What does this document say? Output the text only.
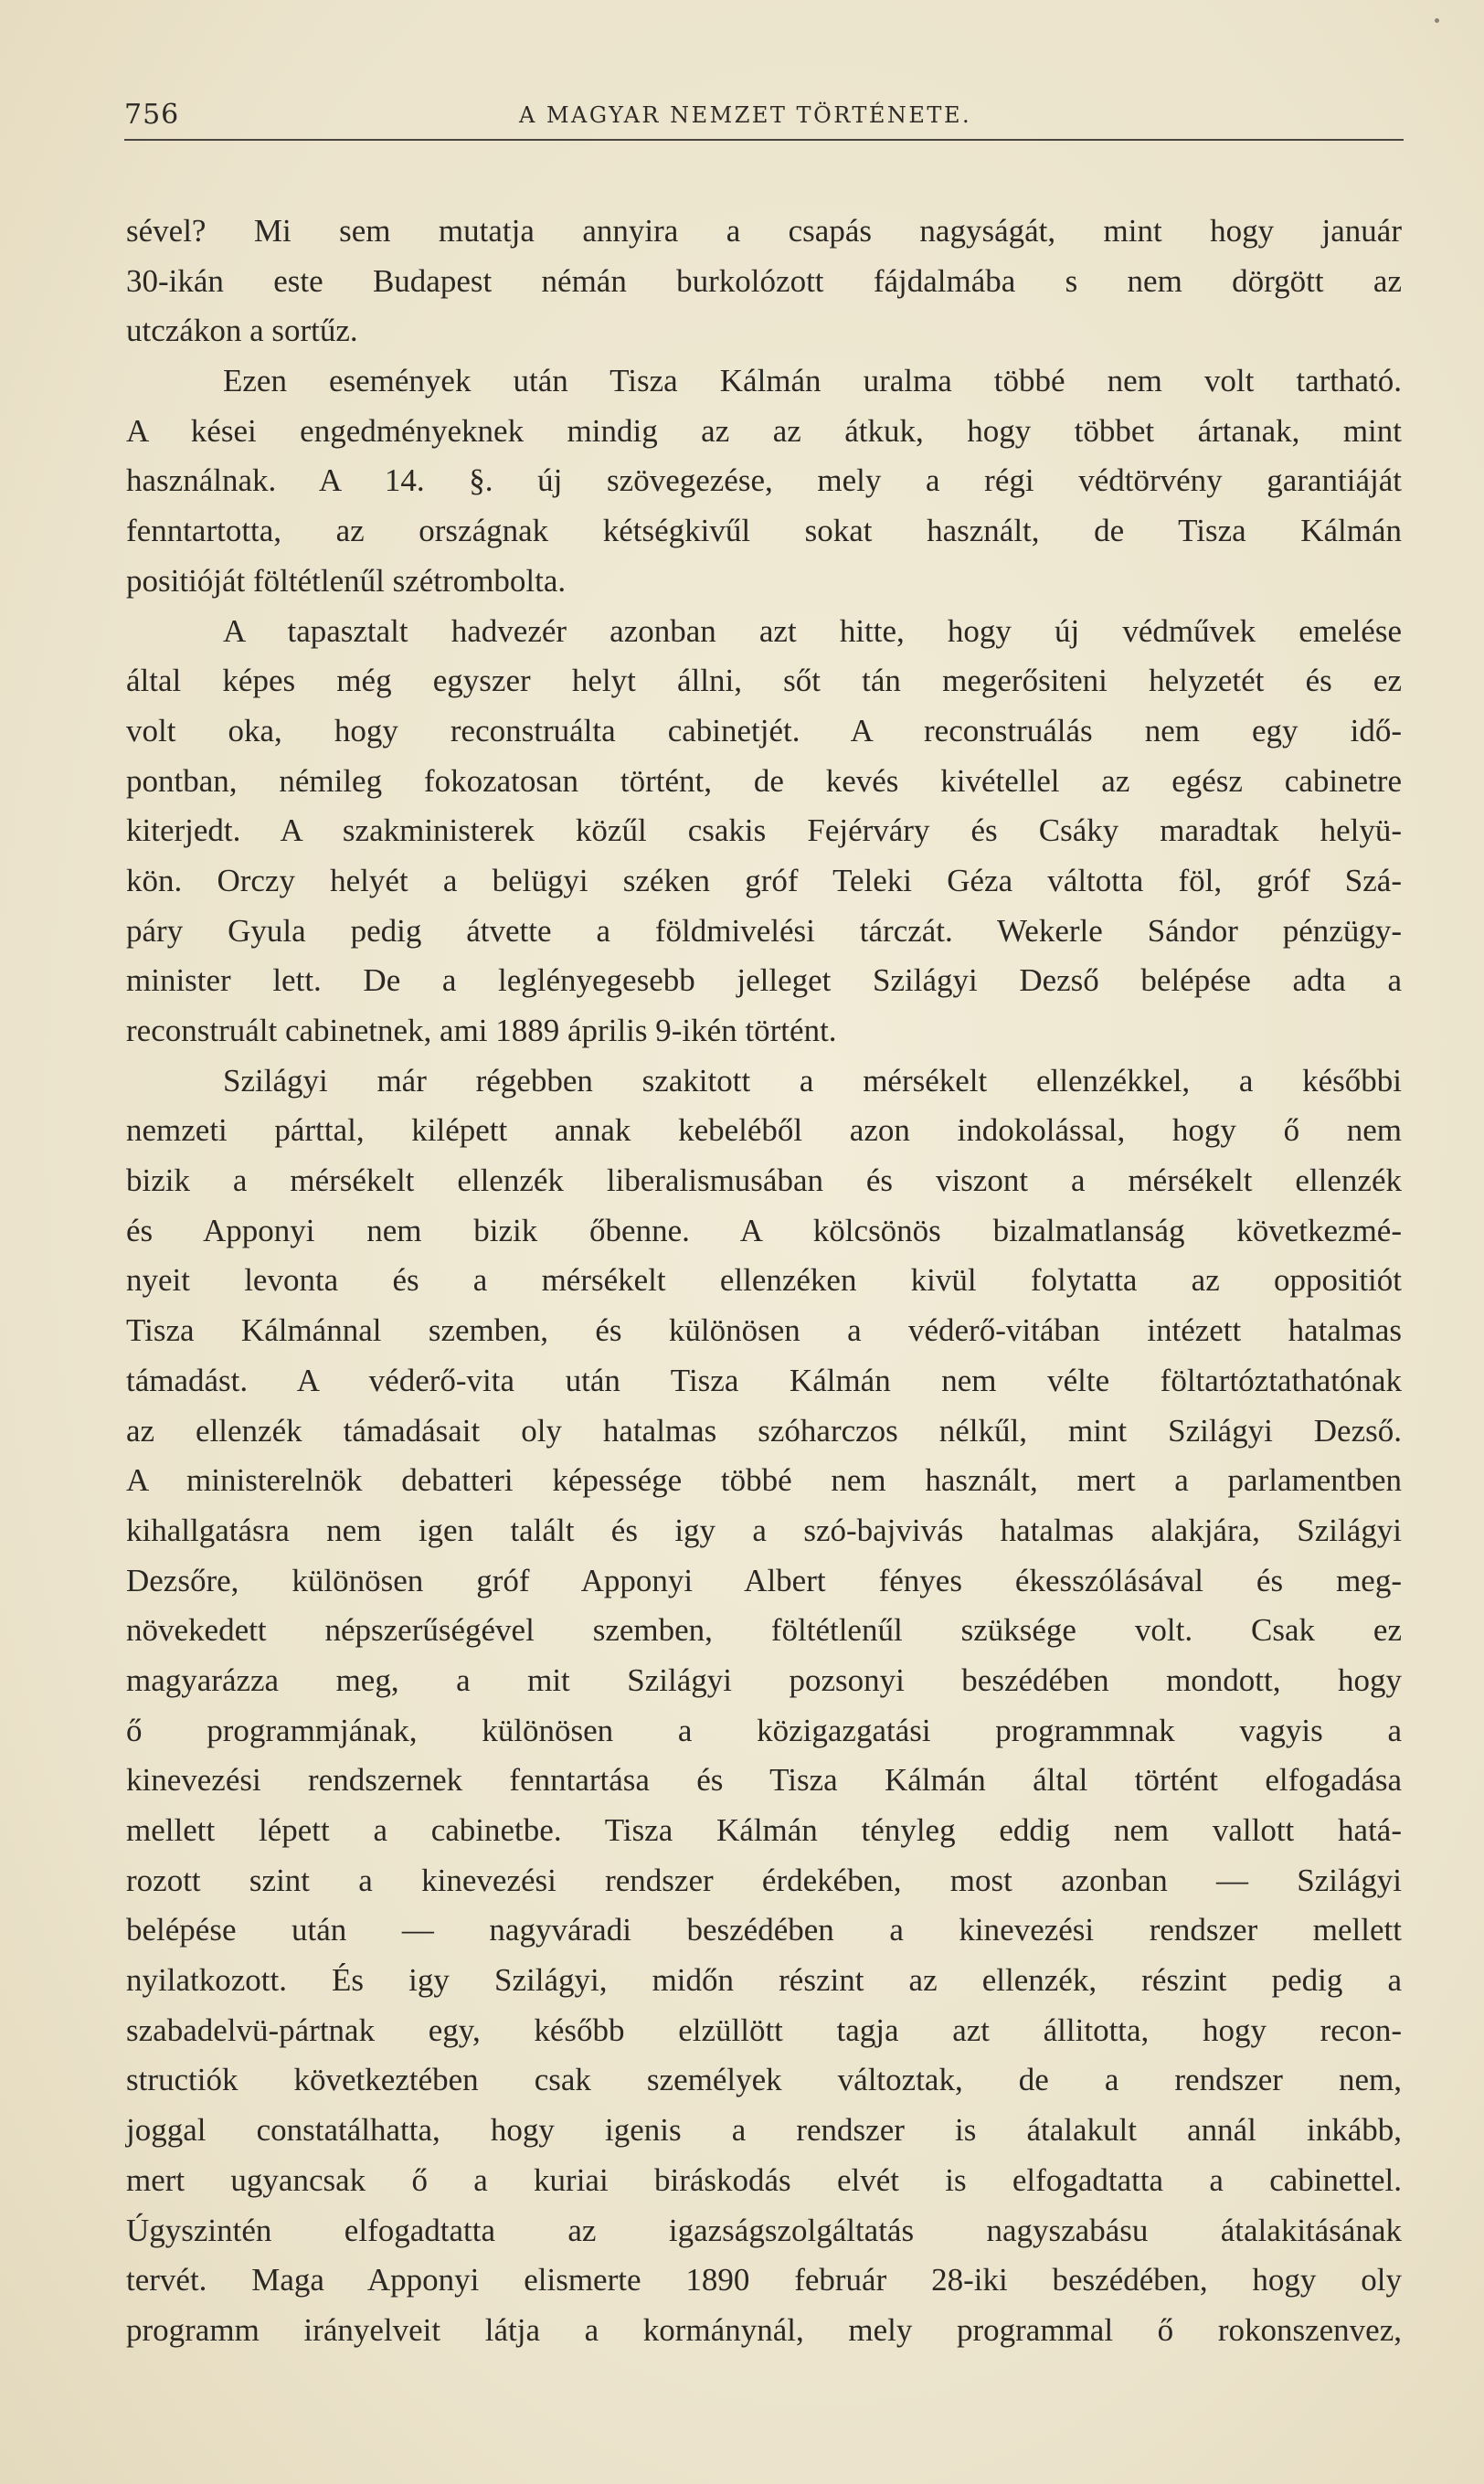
756	A MAGYAR NEMZET TÖRTÉNETE.
sével? Mi sem mutatja annyira a csapás nagyságát, mint hogy január
30-ikán este Budapest némán burkolózott fájdalmába s nem dörgött az
utczákon a sortűz.
Ezen események után Tisza Kálmán uralma többé nem volt tartható.
A kései engedményeknek mindig az az átkuk, hogy többet ártanak, mint
használnak. A 14. §. új szövegezése, mely a régi védtörvény garantiáját
fenntartotta, az országnak kétségkivűl sokat használt, de Tisza Kálmán
positióját föltétlenűl szétrombolta.
A tapasztalt hadvezér azonban azt hitte, hogy új védművek emelése
által képes még egyszer helyt állni, sőt tán megerősiteni helyzetét és ez
volt oka, hogy reconstruálta cabinetjét. A reconstruálás nem egy idő-
pontban, némileg fokozatosan történt, de kevés kivétellel az egész cabinetre
kiterjedt. A szakministerek közűl csakis Fejérváry és Csáky maradtak helyü-
kön. Orczy helyét a belügyi széken gróf Teleki Géza váltotta föl, gróf Szá-
páry Gyula pedig átvette a földmivelési tárczát. Wekerle Sándor pénzügy-
minister lett. De a leglényegesebb jelleget Szilágyi Dezső belépése adta a
reconstruált cabinetnek, ami 1889 április 9-ikén történt.
Szilágyi már régebben szakitott a mérsékelt ellenzékkel, a későbbi
nemzeti párttal, kilépett annak kebeléből azon indokolással, hogy ő nem
bizik a mérsékelt ellenzék liberalismusában és viszont a mérsékelt ellenzék
és Apponyi nem bizik őbenne. A kölcsönös bizalmatlanság következmé-
nyeit levonta és a mérsékelt ellenzéken kivül folytatta az oppositiót
Tisza Kálmánnal szemben, és különösen a véderő-vitában intézett hatalmas
támadást. A véderő-vita után Tisza Kálmán nem vélte föltartóztathatónak
az ellenzék támadásait oly hatalmas szóharczos nélkűl, mint Szilágyi Dezső.
A ministerelnök debatteri képessége többé nem használt, mert a parlamentben
kihallgatásra nem igen talált és igy a szó-bajvivás hatalmas alakjára, Szilágyi
Dezsőre, különösen gróf Apponyi Albert fényes ékesszólásával és meg-
növekedett népszerűségével szemben, föltétlenűl szüksége volt. Csak ez
magyarázza meg, a mit Szilágyi pozsonyi beszédében mondott, hogy
ő programmjának, különösen a közigazgatási programmnak vagyis a
kinevezési rendszernek fenntartása és Tisza Kálmán által történt elfogadása
mellett lépett a cabinetbe. Tisza Kálmán tényleg eddig nem vallott hatá-
rozott szint a kinevezési rendszer érdekében, most azonban — Szilágyi
belépése után — nagyváradi beszédében a kinevezési rendszer mellett
nyilatkozott. És igy Szilágyi, midőn részint az ellenzék, részint pedig a
szabadelvü-pártnak egy, később elzüllött tagja azt állitotta, hogy recon-
structiók következtében csak személyek változtak, de a rendszer nem,
joggal constatálhatta, hogy igenis a rendszer is átalakult annál inkább,
mert ugyancsak ő a kuriai biráskodás elvét is elfogadtatta a cabinettel.
Úgyszintén elfogadtatta az igazságszolgáltatás nagyszabásu átalakitásának
tervét. Maga Apponyi elismerte 1890 február 28-iki beszédében, hogy oly
programm irányelveit látja a kormánynál, mely programmal ő rokonszenvez,
